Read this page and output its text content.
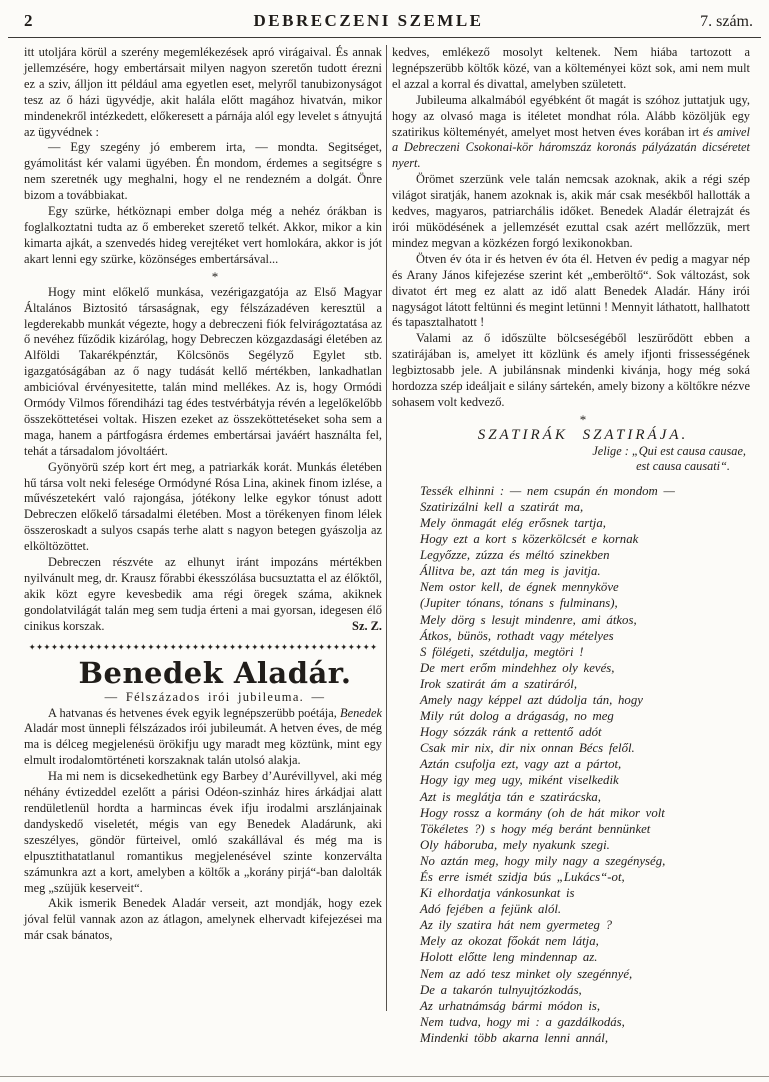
2	DEBRECZENI SZEMLE	7. szám.

itt utoljára körül a szerény megemlékezések apró virágaival. És annak jellemzésére, hogy embertársait milyen nagyon szeretőn tudott érezni ez a sziv, álljon itt például ama egyetlen eset, melyről tanubizonyságot tesz az ő házi ügyvédje, akit halála előtt magához hivatván, mikor mindenekről intézkedett, előkeresett a párnája alól egy levelet s átnyujtá az ügyvédnek :

— Egy szegény jó emberem irta, — mondta. Segitséget, gyámolitást kér valami ügyében. Én mondom, érdemes a segitségre s nem szeretnék ugy meghalni, hogy el ne rendezném a dolgát. Önre bizom a továbbiakat.

Egy szürke, hétköznapi ember dolga még a nehéz órákban is foglalkoztatni tudta az ő embereket szerető telkét. Akkor, mikor a kin kimarta ajkát, a szenvedés hideg verejtéket vert homlokára, akkor is jót akart lenni egy szürke, közönséges embertársával...

*

Hogy mint előkelő munkása, vezérigazgatója az Első Magyar Általános Biztositó társaságnak, egy félszázadéven keresztül a legderekabb munkát végezte, hogy a debreczeni fiók felvirágoztatása az ő nevéhez fűződik kizárólag, hogy Debreczen közgazdasági életében az Alföldi Takarékpénztár, Kölcsönös Segélyző Egylet stb. igazgatóságában az ő nagy tudását kellő mértékben, lankadhatlan ambicióval érvényesitette, talán mind mellékes. Az is, hogy Ormódi Ormódy Vilmos főrendiházi tag édes testvérbátyja révén a legelőkelőbb összeköttetései voltak. Hiszen ezeket az összeköttetéseket soha sem a maga, hanem a pártfogásra érdemes embertársai javáért használta fel, tehát a társadalom jóvoltáért.

Gyönyörü szép kort ért meg, a patriarkák korát. Munkás életében hű társa volt neki felesége Ormódyné Rósa Lina, akinek finom izlése, a művészetekért való rajongása, jótékony lelke egykor tónust adott Debreczen előkelő társadalmi életében. Most a törékenyen finom lélek összeroskadt a sulyos csapás terhe alatt s nagyon betegen gyászolja az elköltözöttet.

Debreczen részvéte az elhunyt iránt impozáns mértékben nyilvánult meg, dr. Krausz főrabbi ékesszólása bucsuztatta el az élőktől, akik közt egyre kevesbedik ama régi öregek száma, akiknek gondolatvilágát talán meg sem tudja érteni a mai gyorsan, idegesen élő cinikus korszak.	Sz. Z.
✦✦✦✦✦✦✦✦✦✦✦✦✦✦✦✦✦✦✦✦✦✦✦✦✦✦✦✦✦✦✦✦✦✦✦✦✦✦✦✦✦✦✦✦✦✦✦

Benedek Aladár.

— Félszázados irói jubileuma. —

A hatvanas és hetvenes évek egyik legnépszerübb poétája, Benedek Aladár most ünnepli félszázados irói jubileumát. A hetven éves, de még ma is délceg megjelenésü örökifju ugy maradt meg köztünk, mint egy elmult irodalomtörténeti korszaknak talán utolsó alakja.

Ha mi nem is dicsekedhetünk egy Barbey d’Aurévillyvel, aki még néhány évtizeddel ezelőtt a párisi Odéon-szinház hires árkádjai alatt rendületlenül hordta a harmincas évek ifju irodalmi arszlánjainak dandyskedő viseletét, mégis van egy Benedek Aladárunk, aki szeszélyes, göndör fürteivel, omló szakállával és még ma is elpusztithatatlanul romantikus megjelenésével szinte konzerválta számunkra azt a kort, amelyben a költők a „korány pirjá“-ban dalolták meg „szüjük keserveit“.

Akik ismerik Benedek Aladár verseit, azt mondják, hogy ezek jóval felül vannak azon az átlagon, amelynek elhervadt kifejezései ma már csak bánatos,

kedves, emlékező mosolyt keltenek. Nem hiába tartozott a legnépszerübb költők közé, van a költeményei közt sok, ami nem mult el azzal a korral és divattal, amelyben született.

Jubileuma alkalmából egyébként őt magát is szóhoz juttatjuk ugy, hogy az olvasó maga is itéletet mondhat róla. Alább közöljük egy szatirikus költeményét, amelyet most hetven éves korában irt és amivel a Debreczeni Csokonai-kör háromszáz koronás pályázatán dicséretet nyert.

Örömet szerzünk vele talán nemcsak azoknak, akik a régi szép világot siratják, hanem azoknak is, akik már csak mesékből hallották a kedves, magyaros, patriarchális időket. Benedek Aladár életrajzát és irói müködésének a jellemzését ezuttal csak azért mellőzzük, mert mindez megvan a közkézen forgó lexikonokban.

Ötven év óta ir és hetven év óta él. Hetven év pedig a magyar nép és Arany János kifejezése szerint két „emberöltő“. Sok változást, sok divatot ért meg ez alatt az idő alatt Benedek Aladár. Hány irói nagyságot látott feltünni és megint letünni ! Mennyit láthatott, hallhatott és tapasztalhatott !

Valami az ő időszülte bölcseségéből leszürődött ebben a szatirájában is, amelyet itt közlünk és amely ifjonti frissességének legbiztosabb jele. A jubilánsnak mindenki kivánja, hogy még soká hordozza szép ideáljait e silány sártekén, amely bizony a költőkre nézve sohasem volt kedvező.

*

SZATIRÁK SZATIRÁJA.

Jelige : „Qui est causa causae,
est causa causati“.
Tessék elhinni : — nem csupán én mondom —
Szatirizálni kell a szatirát ma,
Mely önmagát elég erősnek tartja,
Hogy ezt a kort s közerkölcsét e kornak
Legyőzze, zúzza és méltó szinekben
Állitva be, azt tán meg is javitja.
Nem ostor kell, de égnek mennyköve
(Jupiter tónans, tónans s fulminans),
Mely dörg s lesujt mindenre, ami átkos,
Átkos, bünös, rothadt vagy mételyes
S fölégeti, szétdulja, megtöri !
De mert erőm mindehhez oly kevés,
Irok szatirát ám a szatiráról,
Amely nagy képpel azt dúdolja tán, hogy
Mily rút dolog a drágaság, no meg
Hogy sózzák ránk a rettentő adót
Csak mir nix, dir nix onnan Bécs felől.
Aztán csufolja ezt, vagy azt a pártot,
Hogy igy meg ugy, miként viselkedik
Azt is meglátja tán e szatirácska,
Hogy rossz a kormány (oh de hát mikor volt
Tökéletes ?) s hogy még beránt bennünket
Oly háboruba, mely nyakunk szegi.
No aztán meg, hogy mily nagy a szegénység,
És erre ismét szidja bús „Lukács“-ot,
Ki elhordatja vánkosunkat is
Adó fejében a fejünk alól.
Az ily szatira hát nem gyermeteg ?
Mely az okozat főokát nem látja,
Holott előtte leng mindennap az.
Nem az adó tesz minket oly szegénnyé,
De a takarón tulnyujtózkodás,
Az urhatnámság bármi módon is,
Nem tudva, hogy mi : a gazdálkodás,
Mindenki több akarna lenni annál,
